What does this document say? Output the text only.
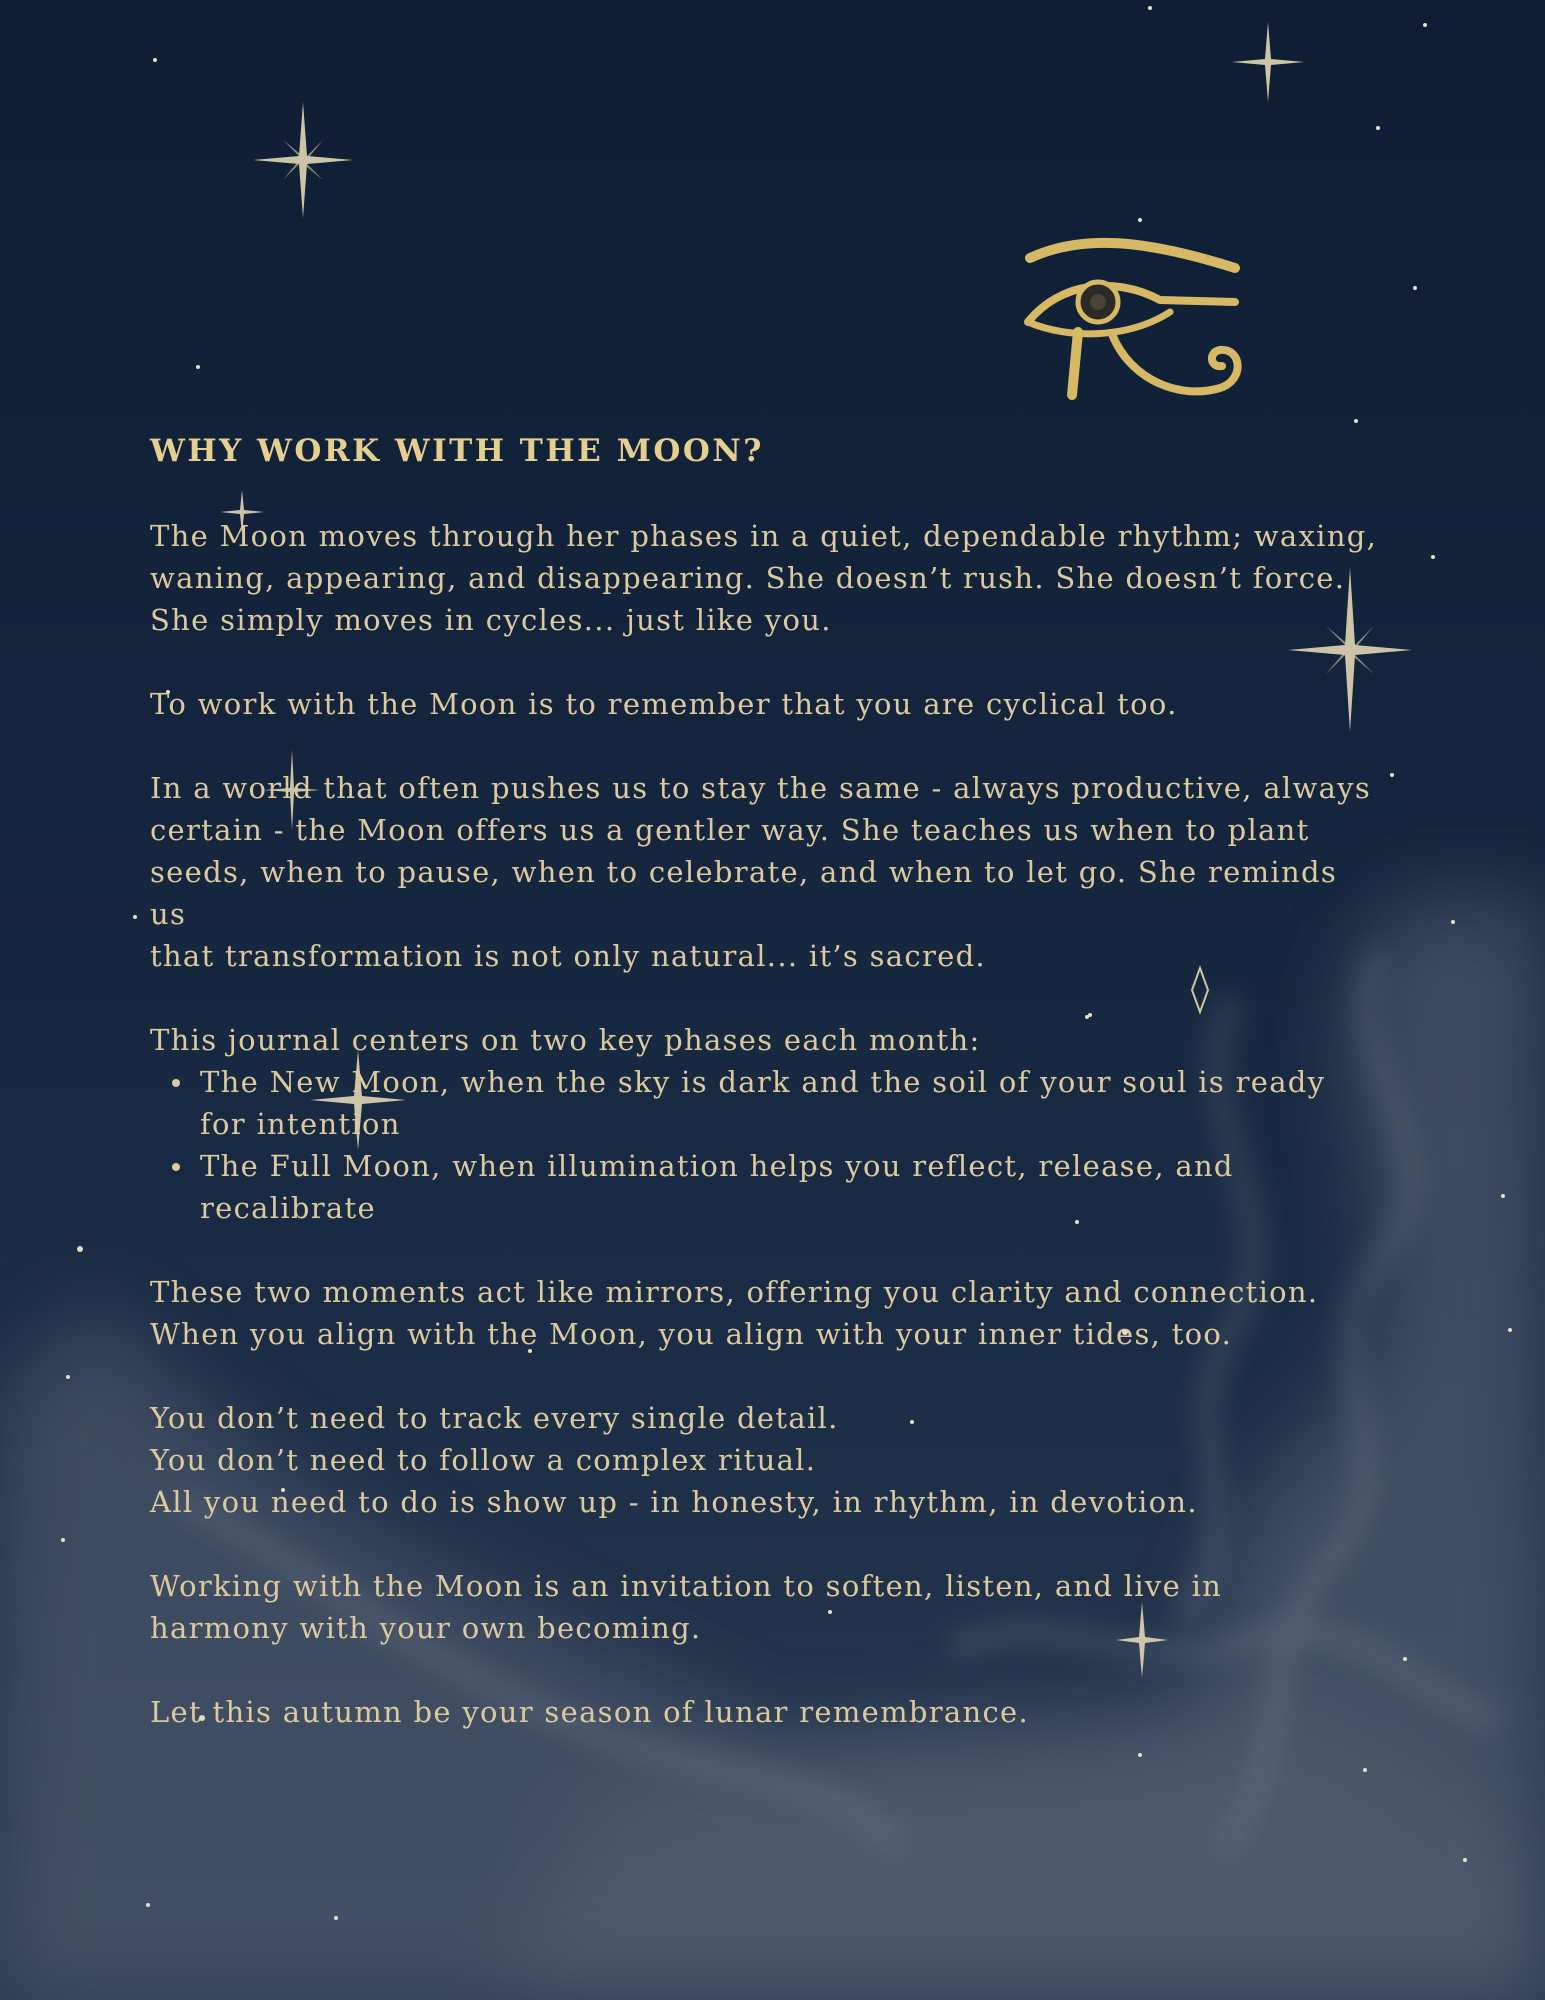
WHY WORK WITH THE MOON?

The Moon moves through her phases in a quiet, dependable rhythm; waxing,
waning, appearing, and disappearing. She doesn’t rush. She doesn’t force.
She simply moves in cycles... just like you.

To work with the Moon is to remember that you are cyclical too.

In a world that often pushes us to stay the same - always productive, always
certain - the Moon offers us a gentler way. She teaches us when to plant
seeds, when to pause, when to celebrate, and when to let go. She reminds us
that transformation is not only natural... it’s sacred.

This journal centers on two key phases each month:

The New Moon, when the sky is dark and the soil of your soul is ready
for intention
The Full Moon, when illumination helps you reflect, release, and
recalibrate

These two moments act like mirrors, offering you clarity and connection.
When you align with the Moon, you align with your inner tides, too.

You don’t need to track every single detail.
You don’t need to follow a complex ritual.
All you need to do is show up - in honesty, in rhythm, in devotion.

Working with the Moon is an invitation to soften, listen, and live in
harmony with your own becoming.

Let this autumn be your season of lunar remembrance.
